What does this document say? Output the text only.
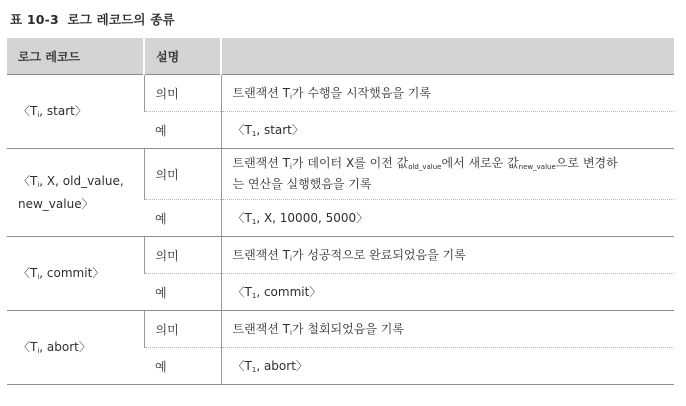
표 10-3 로그 레코드의 종류
로그 레코드	설명	
〈$T_i$, start〉	의미	트랜잭션 $T_i$가 수행을 시작했음을 기록
	예	〈$T_1$, start〉
〈$T_i$, X, old_value,
new_value〉	의미	트랜잭션 $T_i$가 데이터 X를 이전 값$_{old\_value}$에서 새로운 값$_{new\_value}$으로 변경하
는 연산을 실행했음을 기록
	예	〈$T_1$, X, 10000, 5000〉
〈$T_i$, commit〉	의미	트랜잭션 $T_i$가 성공적으로 완료되었음을 기록
	예	〈$T_1$, commit〉
〈$T_i$, abort〉	의미	트랜잭션 $T_i$가 철회되었음을 기록
	예	〈$T_1$, abort〉
